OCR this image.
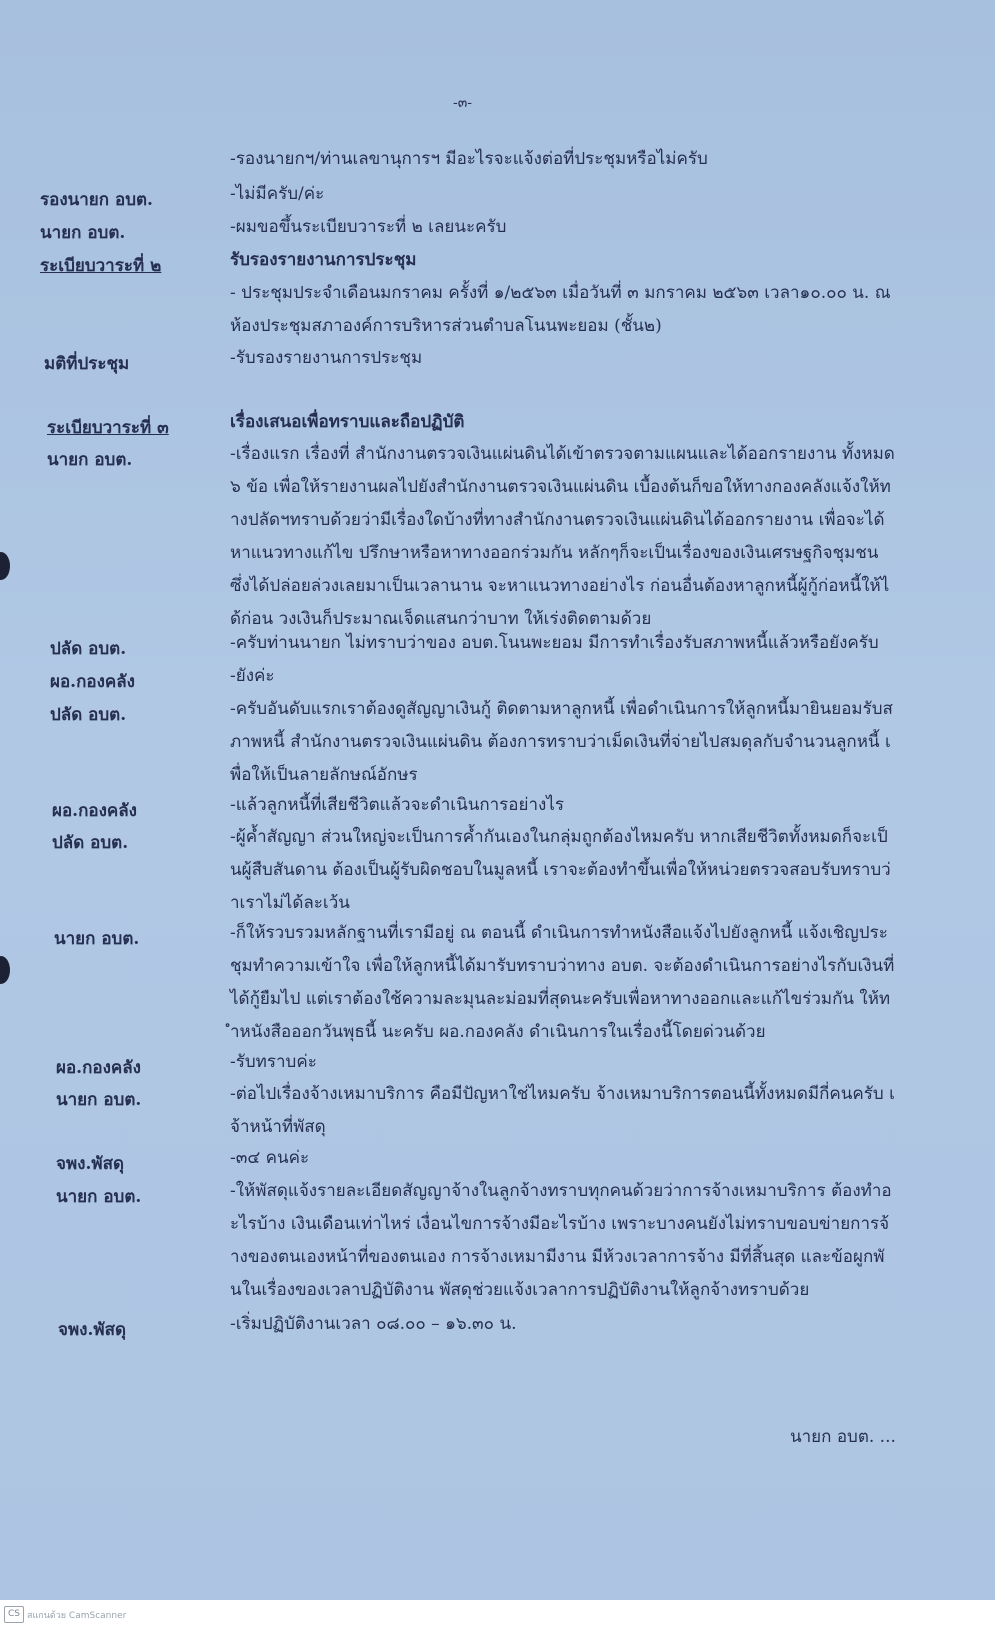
-๓-
-รองนายกฯ/ท่านเลขานุการฯ มีอะไรจะแจ้งต่อที่ประชุมหรือไม่ครับ
รองนายก อบต.	-ไม่มีครับ/ค่ะ
นายก อบต.	-ผมขอขึ้นระเบียบวาระที่ ๒ เลยนะครับ
ระเบียบวาระที่ ๒	รับรองรายงานการประชุม
- ประชุมประจำเดือนมกราคม ครั้งที่ ๑/๒๕๖๓ เมื่อวันที่ ๓ มกราคม ๒๕๖๓ เวลา๑๐.๐๐ น. ณ ห้องประชุมสภาองค์การบริหารส่วนตำบลโนนพะยอม (ชั้น๒)
มติที่ประชุม	-รับรองรายงานการประชุม
ระเบียบวาระที่ ๓	เรื่องเสนอเพื่อทราบและถือปฏิบัติ
นายก อบต.	-เรื่องแรก เรื่องที่ สำนักงานตรวจเงินแผ่นดินได้เข้าตรวจตามแผนและได้ออกรายงาน ทั้งหมด ๖ ข้อ เพื่อให้รายงานผลไปยังสำนักงานตรวจเงินแผ่นดิน เบื้องต้นก็ขอให้ทางกองคลังแจ้งให้ทางปลัดฯทราบด้วยว่ามีเรื่องใดบ้างที่ทางสำนักงานตรวจเงินแผ่นดินได้ออกรายงาน เพื่อจะได้หาแนวทางแก้ไข ปรึกษาหรือหาทางออกร่วมกัน หลักๆก็จะเป็นเรื่องของเงินเศรษฐกิจชุมชน ซึ่งได้ปล่อยล่วงเลยมาเป็นเวลานาน จะหาแนวทางอย่างไร ก่อนอื่นต้องหาลูกหนี้ผู้กู้ก่อหนี้ให้ได้ก่อน วงเงินก็ประมาณเจ็ดแสนกว่าบาท ให้เร่งติดตามด้วย
ปลัด อบต.	-ครับท่านนายก ไม่ทราบว่าของ อบต.โนนพะยอม มีการทำเรื่องรับสภาพหนี้แล้วหรือยังครับ
ผอ.กองคลัง	-ยังค่ะ
ปลัด อบต.	-ครับอันดับแรกเราต้องดูสัญญาเงินกู้ ติดตามหาลูกหนี้ เพื่อดำเนินการให้ลูกหนี้มายินยอมรับสภาพหนี้ สำนักงานตรวจเงินแผ่นดิน ต้องการทราบว่าเม็ดเงินที่จ่ายไปสมดุลกับจำนวนลูกหนี้ เพื่อให้เป็นลายลักษณ์อักษร
ผอ.กองคลัง	-แล้วลูกหนี้ที่เสียชีวิตแล้วจะดำเนินการอย่างไร
ปลัด อบต.	-ผู้ค้ำสัญญา ส่วนใหญ่จะเป็นการค้ำกันเองในกลุ่มถูกต้องไหมครับ หากเสียชีวิตทั้งหมดก็จะเป็นผู้สืบสันดาน ต้องเป็นผู้รับผิดชอบในมูลหนี้ เราจะต้องทำขึ้นเพื่อให้หน่วยตรวจสอบรับทราบว่าเราไม่ได้ละเว้น
นายก อบต.	-ก็ให้รวบรวมหลักฐานที่เรามีอยู่ ณ ตอนนี้ ดำเนินการทำหนังสือแจ้งไปยังลูกหนี้ แจ้งเชิญประชุมทำความเข้าใจ เพื่อให้ลูกหนี้ได้มารับทราบว่าทาง อบต. จะต้องดำเนินการอย่างไรกับเงินที่ได้กู้ยืมไป แต่เราต้องใช้ความละมุนละม่อมที่สุดนะครับเพื่อหาทางออกและแก้ไขร่วมกัน ให้ทำหนังสือออกวันพุธนี้ นะครับ ผอ.กองคลัง ดำเนินการในเรื่องนี้โดยด่วนด้วย
ผอ.กองคลัง	-รับทราบค่ะ
นายก อบต.	-ต่อไปเรื่องจ้างเหมาบริการ คือมีปัญหาใช่ไหมครับ จ้างเหมาบริการตอนนี้ทั้งหมดมีกี่คนครับ เจ้าหน้าที่พัสดุ
จพง.พัสดุ	-๓๔ คนค่ะ
นายก อบต.	-ให้พัสดุแจ้งรายละเอียดสัญญาจ้างในลูกจ้างทราบทุกคนด้วยว่าการจ้างเหมาบริการ ต้องทำอะไรบ้าง เงินเดือนเท่าไหร่ เงื่อนไขการจ้างมีอะไรบ้าง เพราะบางคนยังไม่ทราบขอบข่ายการจ้างของตนเองหน้าที่ของตนเอง การจ้างเหมามีงาน มีห้วงเวลาการจ้าง มีที่สิ้นสุด และข้อผูกพันในเรื่องของเวลาปฏิบัติงาน พัสดุช่วยแจ้งเวลาการปฏิบัติงานให้ลูกจ้างทราบด้วย
จพง.พัสดุ	-เริ่มปฏิบัติงานเวลา ๐๘.๐๐ – ๑๖.๓๐ น.
นายก อบต. ...
CS สแกนด้วย CamScanner
